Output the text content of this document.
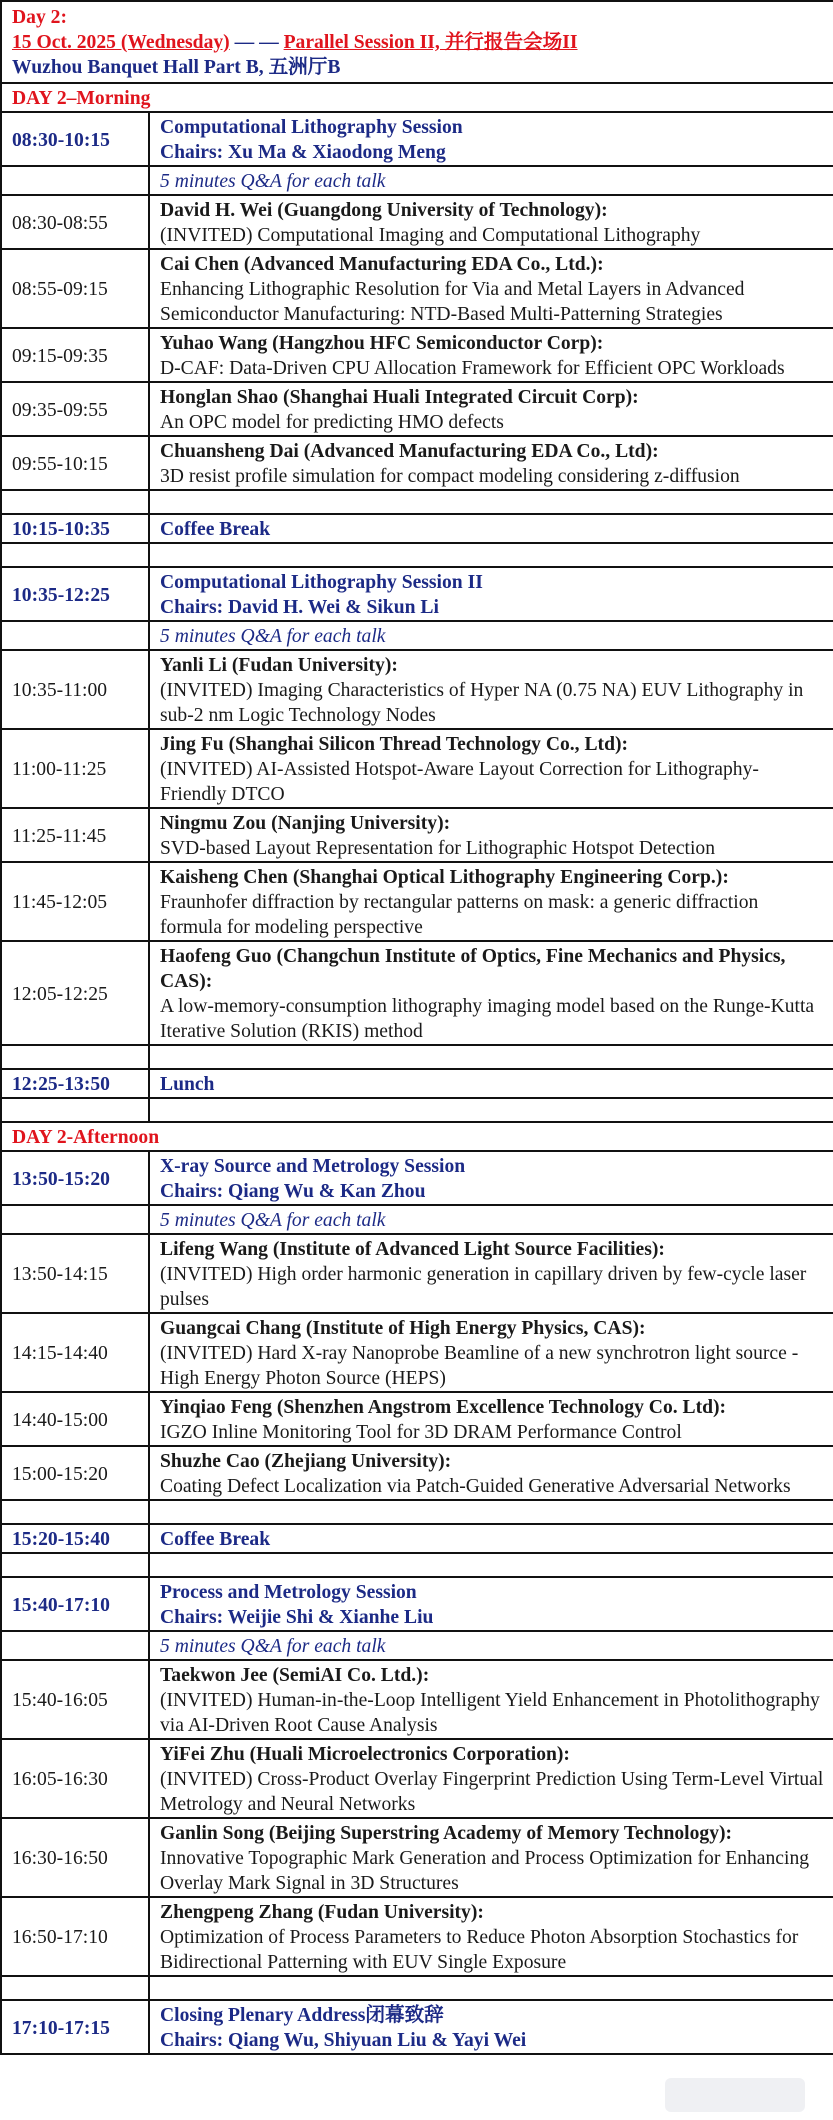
Day 2:
15 Oct. 2025 (Wednesday) — — Parallel Session II, 并行报告会场II
Wuzhou Banquet Hall Part B, 五洲厅B	

DAY 2–Morning	
08:30-10:15	Computational Lithography Session
Chairs: Xu Ma & Xiaodong Meng

	5 minutes Q&A for each talk
08:30-08:55	David H. Wei (Guangdong University of Technology):
(INVITED) Computational Imaging and Computational Lithography

08:55-09:15	Cai Chen (Advanced Manufacturing EDA Co., Ltd.):
Enhancing Lithographic Resolution for Via and Metal Layers in Advanced Semiconductor Manufacturing: NTD-Based Multi-Patterning Strategies

09:15-09:35	Yuhao Wang (Hangzhou HFC Semiconductor Corp):
D-CAF: Data-Driven CPU Allocation Framework for Efficient OPC Workloads

09:35-09:55	Honglan Shao (Shanghai Huali Integrated Circuit Corp):
An OPC model for predicting HMO defects

09:55-10:15	Chuansheng Dai (Advanced Manufacturing EDA Co., Ltd):
3D resist profile simulation for compact modeling considering z-diffusion

10:15-10:35	Coffee Break

10:35-12:25	Computational Lithography Session II
Chairs: David H. Wei & Sikun Li

	5 minutes Q&A for each talk
10:35-11:00	Yanli Li (Fudan University):
(INVITED) Imaging Characteristics of Hyper NA (0.75 NA) EUV Lithography in sub-2 nm Logic Technology Nodes

11:00-11:25	Jing Fu (Shanghai Silicon Thread Technology Co., Ltd):
(INVITED) AI-Assisted Hotspot-Aware Layout Correction for Lithography-Friendly DTCO

11:25-11:45	Ningmu Zou (Nanjing University):
SVD-based Layout Representation for Lithographic Hotspot Detection

11:45-12:05	Kaisheng Chen (Shanghai Optical Lithography Engineering Corp.):
Fraunhofer diffraction by rectangular patterns on mask: a generic diffraction formula for modeling perspective

12:05-12:25	Haofeng Guo (Changchun Institute of Optics, Fine Mechanics and Physics, CAS):
A low-memory-consumption lithography imaging model based on the Runge-Kutta Iterative Solution (RKIS) method

12:25-13:50	Lunch

DAY 2-Afternoon	
13:50-15:20	X-ray Source and Metrology Session
Chairs: Qiang Wu & Kan Zhou

	5 minutes Q&A for each talk
13:50-14:15	Lifeng Wang (Institute of Advanced Light Source Facilities):
(INVITED) High order harmonic generation in capillary driven by few-cycle laser pulses

14:15-14:40	Guangcai Chang (Institute of High Energy Physics, CAS):
(INVITED) Hard X-ray Nanoprobe Beamline of a new synchrotron light source - High Energy Photon Source (HEPS)

14:40-15:00	Yinqiao Feng (Shenzhen Angstrom Excellence Technology Co. Ltd):
IGZO Inline Monitoring Tool for 3D DRAM Performance Control

15:00-15:20	Shuzhe Cao (Zhejiang University):
Coating Defect Localization via Patch-Guided Generative Adversarial Networks

15:20-15:40	Coffee Break

15:40-17:10	Process and Metrology Session
Chairs: Weijie Shi & Xianhe Liu

	5 minutes Q&A for each talk
15:40-16:05	Taekwon Jee (SemiAI Co. Ltd.):
(INVITED) Human-in-the-Loop Intelligent Yield Enhancement in Photolithography via AI-Driven Root Cause Analysis

16:05-16:30	YiFei Zhu (Huali Microelectronics Corporation):
(INVITED) Cross-Product Overlay Fingerprint Prediction Using Term-Level Virtual Metrology and Neural Networks

16:30-16:50	Ganlin Song (Beijing Superstring Academy of Memory Technology):
Innovative Topographic Mark Generation and Process Optimization for Enhancing Overlay Mark Signal in 3D Structures

16:50-17:10	Zhengpeng Zhang (Fudan University):
Optimization of Process Parameters to Reduce Photon Absorption Stochastics for Bidirectional Patterning with EUV Single Exposure

17:10-17:15	Closing Plenary Address闭幕致辞
Chairs: Qiang Wu, Shiyuan Liu & Yayi Wei
